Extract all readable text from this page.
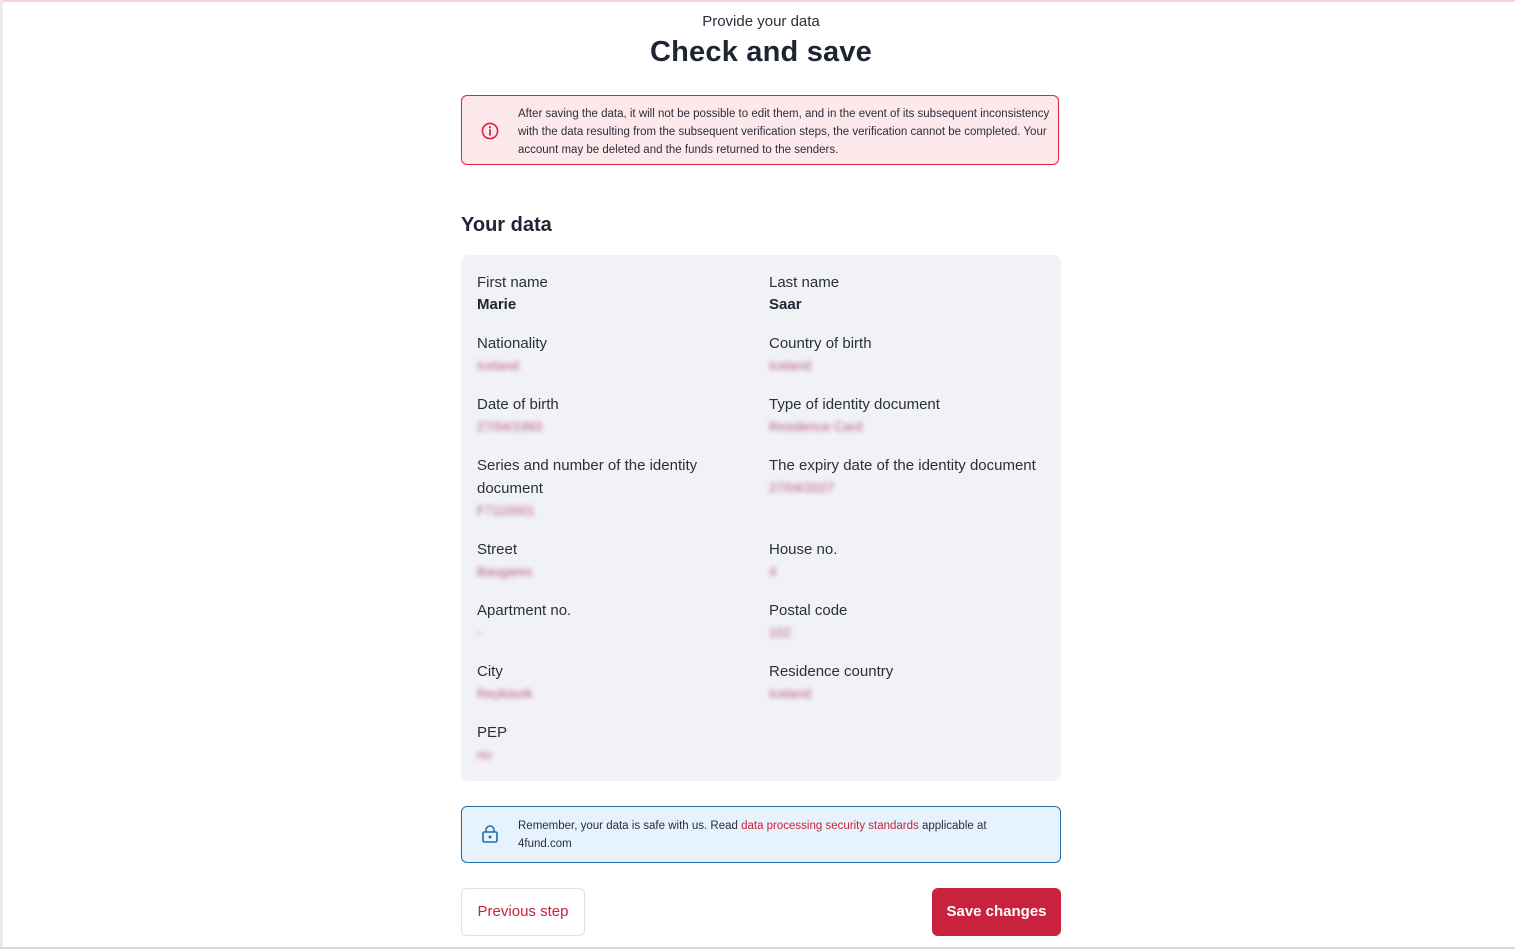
Provide your data
Check and save
After saving the data, it will not be possible to edit them, and in the event of its subsequent inconsistency with the data resulting from the subsequent verification steps, the verification cannot be completed. Your account may be deleted and the funds returned to the senders.
Your data
First name
Marie
Last name
Saar
Nationality
Iceland
Country of birth
Iceland
Date of birth
27/04/1993
Type of identity document
Residence Card
Series and number of the identity document
F7110001
The expiry date of the identity document
27/04/2027
Street
Baugarex
House no.
4
Apartment no.
-
Postal code
102
City
Reykiavik
Residence country
Iceland
PEP
no
Remember, your data is safe with us. Read data processing security standards applicable at 4fund.com
Previous step	Save changes
